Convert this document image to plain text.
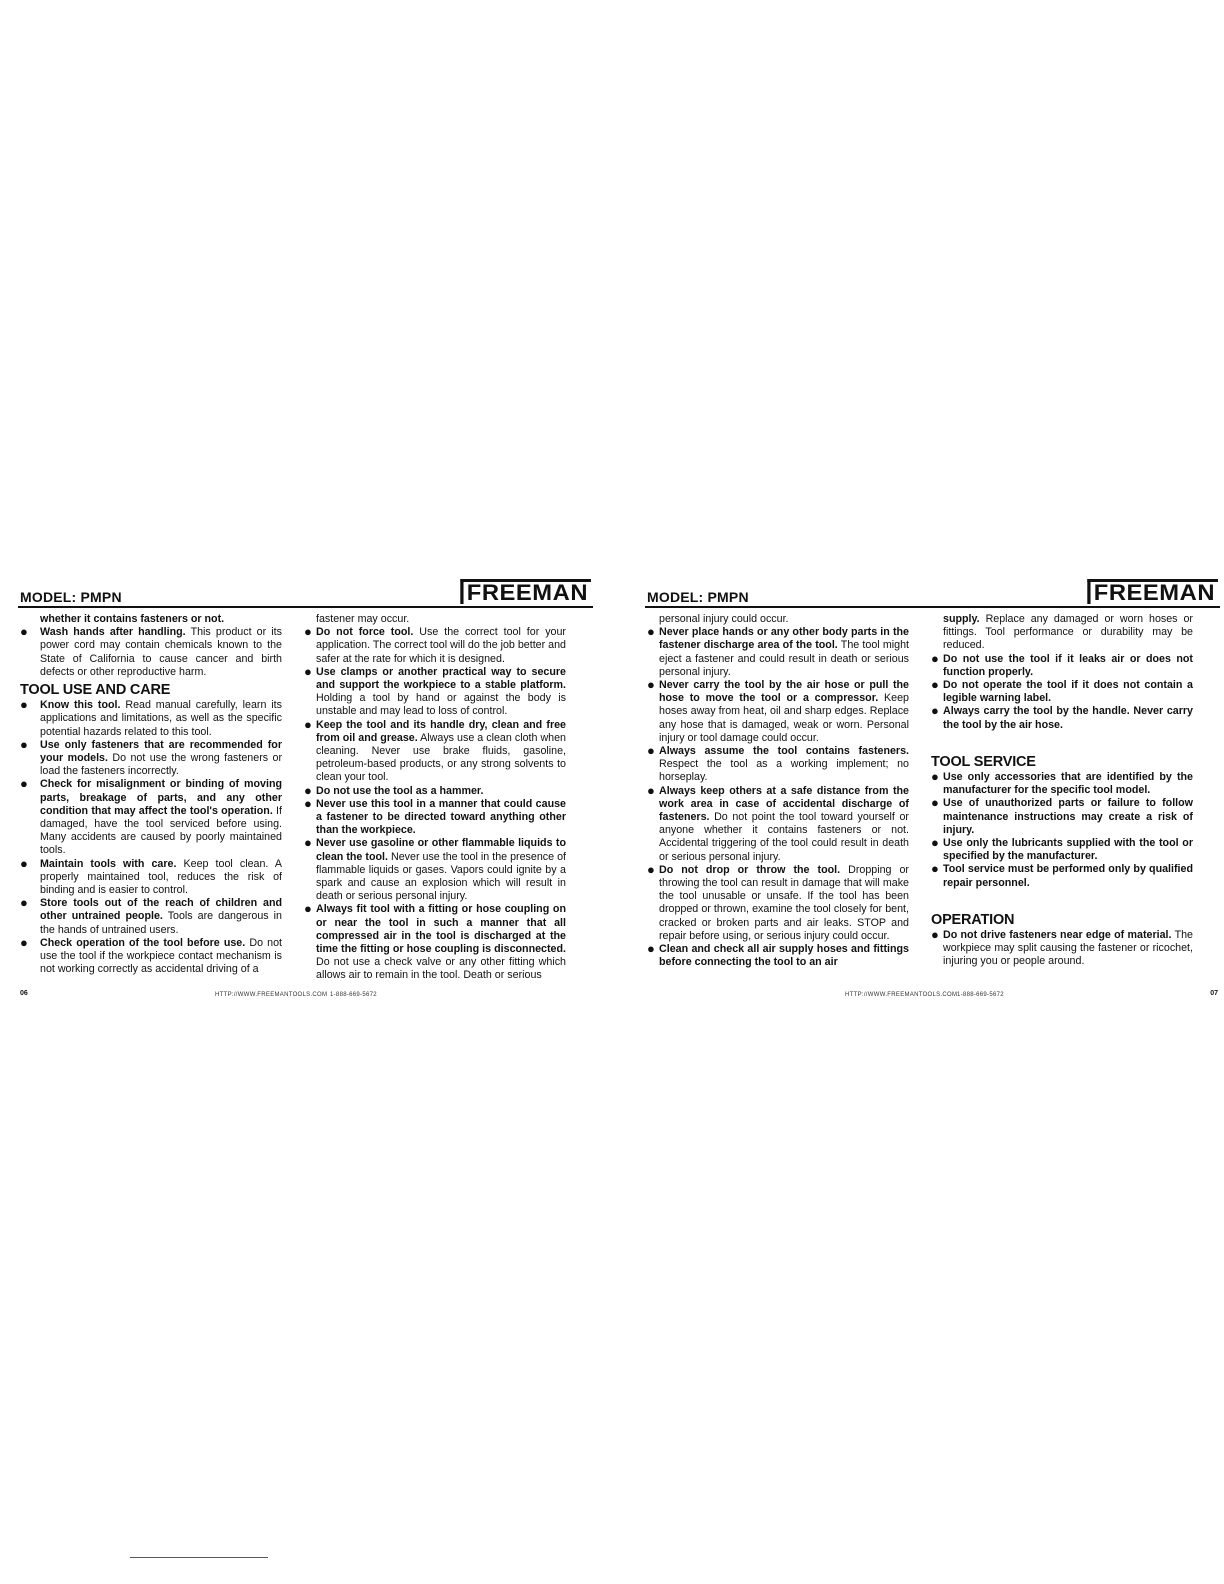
MODEL: PMPN	FREEMAN

whether it contains fasteners or not.

● Wash hands after handling. This product or its power cord may contain chemicals known to the State of California to cause cancer and birth defects or other reproductive harm.

TOOL USE AND CARE

● Know this tool. Read manual carefully, learn its applications and limitations, as well as the specific potential hazards related to this tool.

● Use only fasteners that are recommended for your models. Do not use the wrong fasteners or load the fasteners incorrectly.

● Check for misalignment or binding of moving parts, breakage of parts, and any other condition that may affect the tool's operation. If damaged, have the tool serviced before using. Many accidents are caused by poorly maintained tools.

● Maintain tools with care. Keep tool clean. A properly maintained tool, reduces the risk of binding and is easier to control.

● Store tools out of the reach of children and other untrained people. Tools are dangerous in the hands of untrained users.

● Check operation of the tool before use. Do not use the tool if the workpiece contact mechanism is not working correctly as accidental driving of a

fastener may occur.

● Do not force tool. Use the correct tool for your application. The correct tool will do the job better and safer at the rate for which it is designed.

● Use clamps or another practical way to secure and support the workpiece to a stable platform. Holding a tool by hand or against the body is unstable and may lead to loss of control.

● Keep the tool and its handle dry, clean and free from oil and grease. Always use a clean cloth when cleaning. Never use brake fluids, gasoline, petroleum-based products, or any strong solvents to clean your tool.

● Do not use the tool as a hammer.

● Never use this tool in a manner that could cause a fastener to be directed toward anything other than the workpiece.

● Never use gasoline or other flammable liquids to clean the tool. Never use the tool in the presence of flammable liquids or gases. Vapors could ignite by a spark and cause an explosion which will result in death or serious personal injury.

● Always fit tool with a fitting or hose coupling on or near the tool in such a manner that all compressed air in the tool is discharged at the time the fitting or hose coupling is disconnected. Do not use a check valve or any other fitting which allows air to remain in the tool. Death or serious

06	HTTP://WWW.FREEMANTOOLS.COM 1-888-669-5672
MODEL: PMPN	FREEMAN

personal injury could occur.

● Never place hands or any other body parts in the fastener discharge area of the tool. The tool might eject a fastener and could result in death or serious personal injury.

● Never carry the tool by the air hose or pull the hose to move the tool or a compressor. Keep hoses away from heat, oil and sharp edges. Replace any hose that is damaged, weak or worn. Personal injury or tool damage could occur.

● Always assume the tool contains fasteners. Respect the tool as a working implement; no horseplay.

● Always keep others at a safe distance from the work area in case of accidental discharge of fasteners. Do not point the tool toward yourself or anyone whether it contains fasteners or not. Accidental triggering of the tool could result in death or serious personal injury.

● Do not drop or throw the tool. Dropping or throwing the tool can result in damage that will make the tool unusable or unsafe. If the tool has been dropped or thrown, examine the tool closely for bent, cracked or broken parts and air leaks. STOP and repair before using, or serious injury could occur.

● Clean and check all air supply hoses and fittings before connecting the tool to an air

supply. Replace any damaged or worn hoses or fittings. Tool performance or durability may be reduced.

● Do not use the tool if it leaks air or does not function properly.

● Do not operate the tool if it does not contain a legible warning label.

● Always carry the tool by the handle. Never carry the tool by the air hose.

TOOL SERVICE

● Use only accessories that are identified by the manufacturer for the specific tool model.

● Use of unauthorized parts or failure to follow maintenance instructions may create a risk of injury.

● Use only the lubricants supplied with the tool or specified by the manufacturer.

● Tool service must be performed only by qualified repair personnel.

OPERATION

● Do not drive fasteners near edge of material. The workpiece may split causing the fastener or ricochet, injuring you or people around.

HTTP://WWW.FREEMANTOOLS.COM 1-888-669-5672	07
